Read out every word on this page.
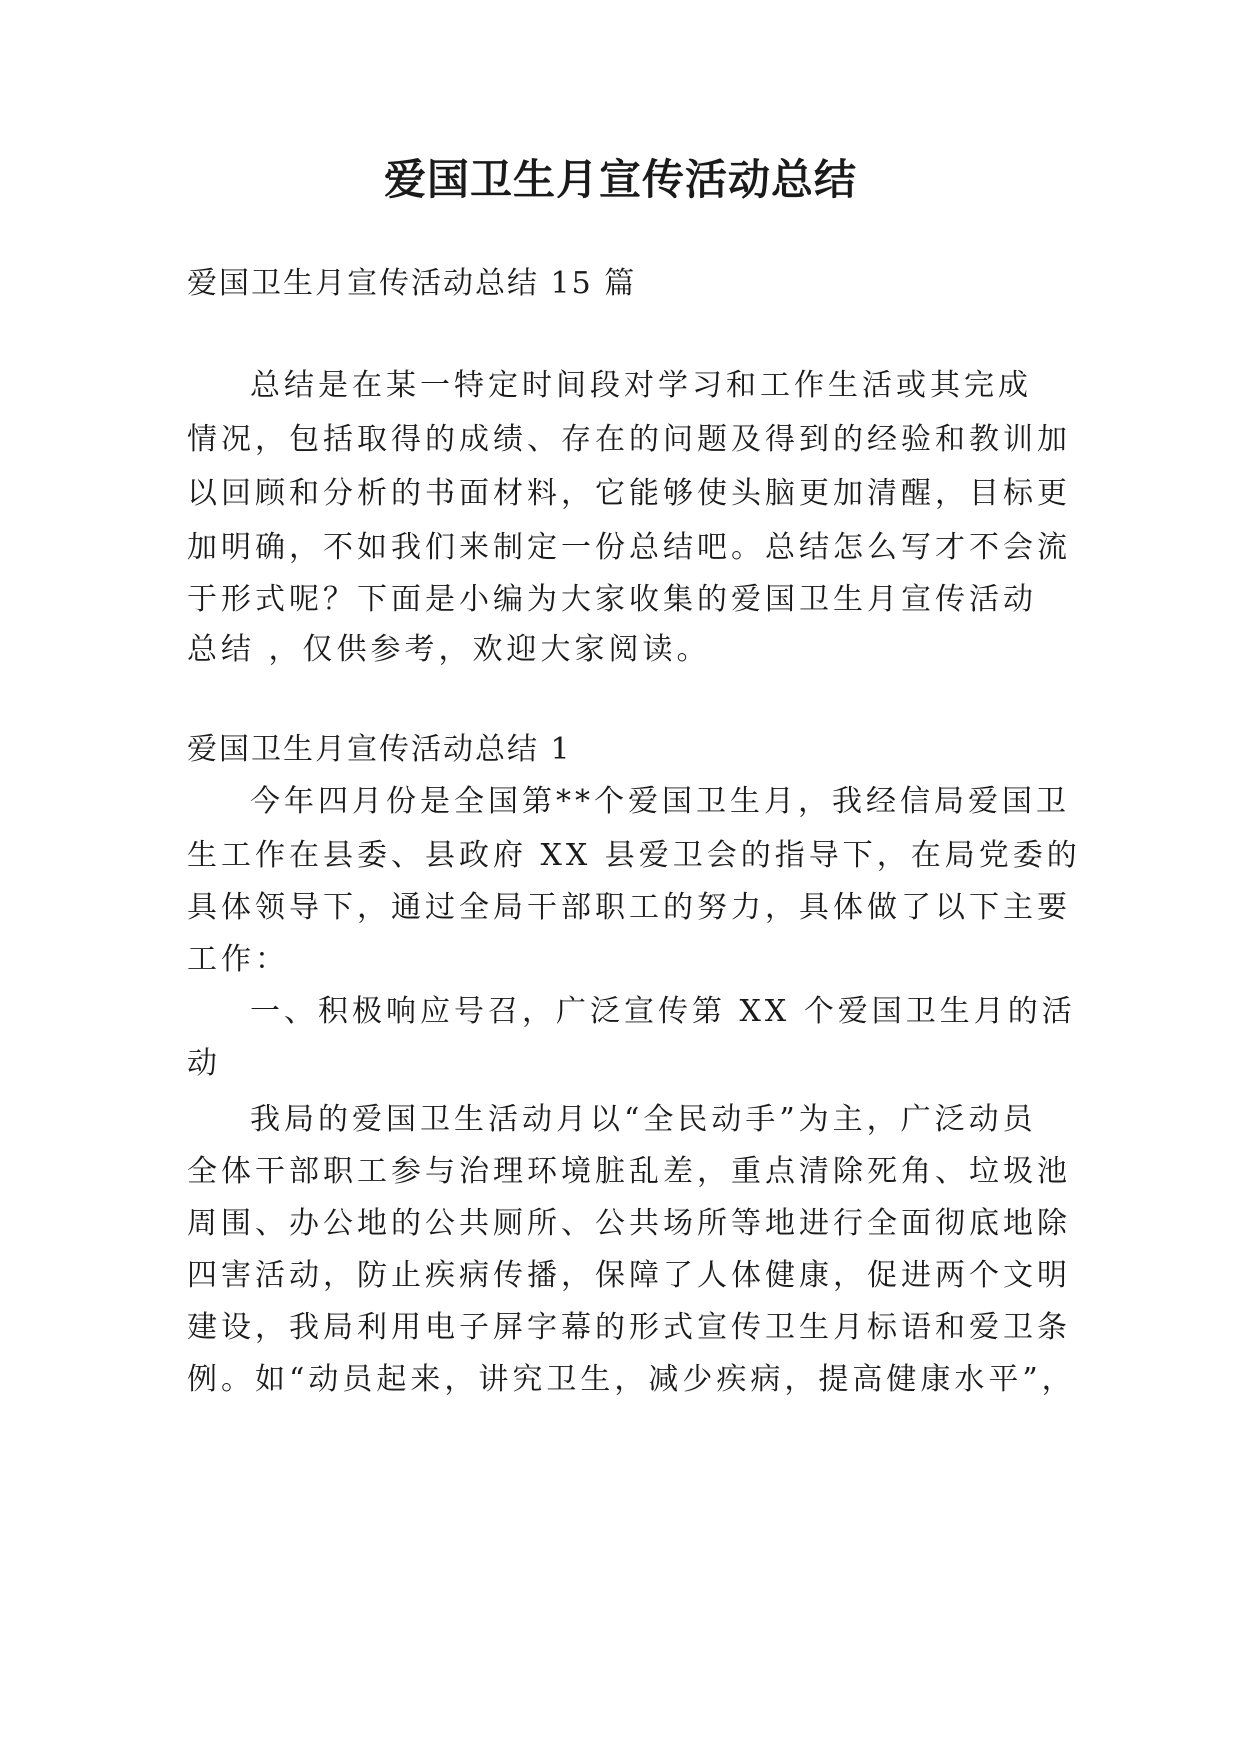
爱国卫生月宣传活动总结

爱国卫生月宣传活动总结 15 篇

总结是在某一特定时间段对学习和工作生活或其完成

情况，包括取得的成绩、存在的问题及得到的经验和教训加

以回顾和分析的书面材料，它能够使头脑更加清醒，目标更

加明确，不如我们来制定一份总结吧。总结怎么写才不会流

于形式呢？下面是小编为大家收集的爱国卫生月宣传活动

总结 ，仅供参考，欢迎大家阅读。

爱国卫生月宣传活动总结 1

今年四月份是全国第**个爱国卫生月，我经信局爱国卫

生工作在县委、县政府 XX 县爱卫会的指导下，在局党委的

具体领导下，通过全局干部职工的努力，具体做了以下主要

工作：

一、积极响应号召，广泛宣传第 XX 个爱国卫生月的活

动

我局的爱国卫生活动月以“全民动手”为主，广泛动员

全体干部职工参与治理环境脏乱差，重点清除死角、垃圾池

周围、办公地的公共厕所、公共场所等地进行全面彻底地除

四害活动，防止疾病传播，保障了人体健康，促进两个文明

建设，我局利用电子屏字幕的形式宣传卫生月标语和爱卫条

例。如“动员起来，讲究卫生，减少疾病，提高健康水平”，
